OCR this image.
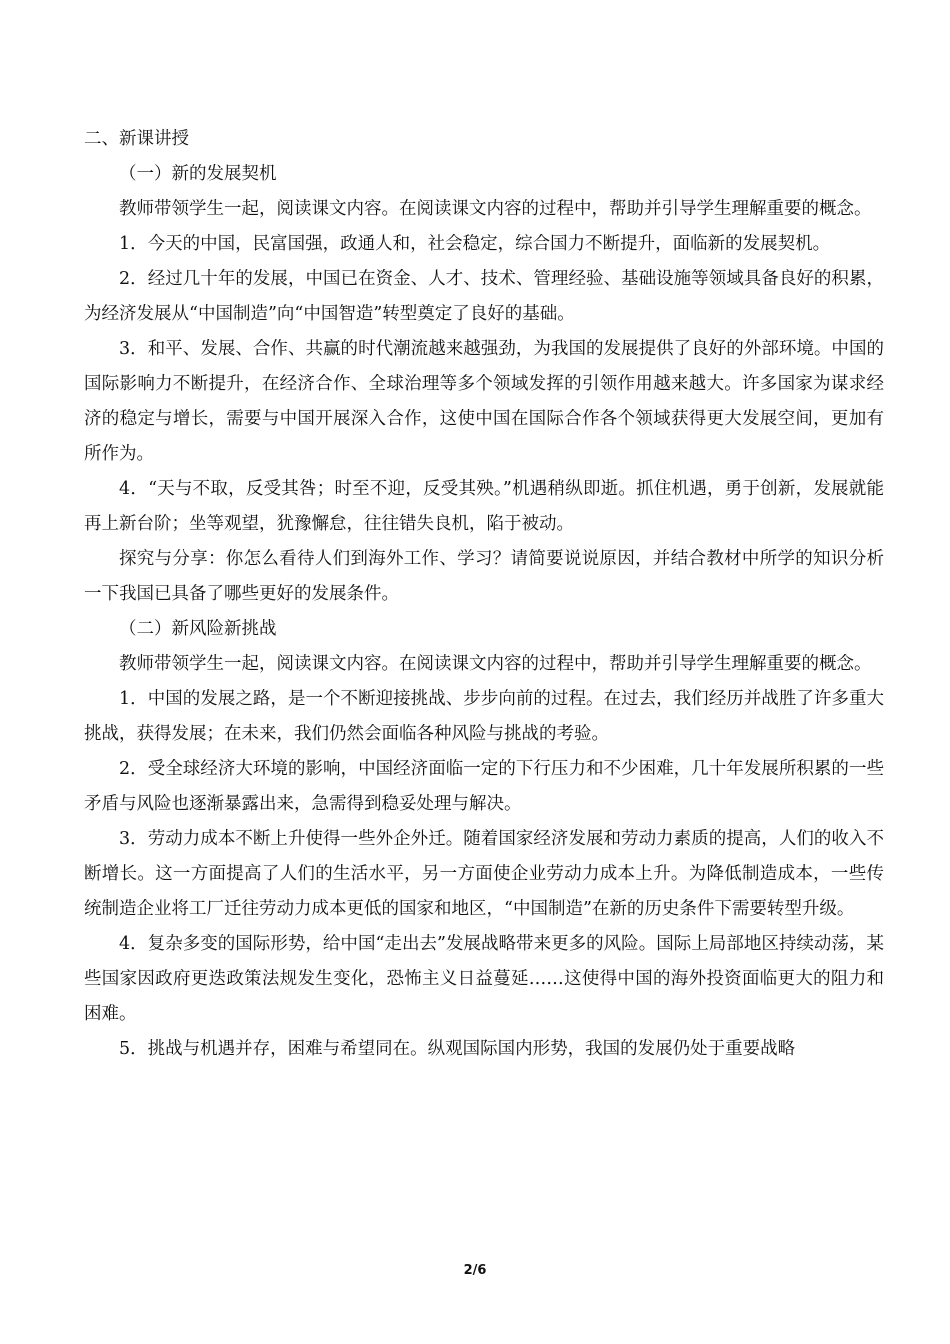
二、新课讲授

（一）新的发展契机

教师带领学生一起，阅读课文内容。在阅读课文内容的过程中，帮助并引导学生理解重要的概念。

1．今天的中国，民富国强，政通人和，社会稳定，综合国力不断提升，面临新的发展契机。

2．经过几十年的发展，中国已在资金、人才、技术、管理经验、基础设施等领域具备良好的积累，为经济发展从“中国制造”向“中国智造”转型奠定了良好的基础。

3．和平、发展、合作、共赢的时代潮流越来越强劲，为我国的发展提供了良好的外部环境。中国的国际影响力不断提升，在经济合作、全球治理等多个领域发挥的引领作用越来越大。许多国家为谋求经济的稳定与增长，需要与中国开展深入合作，这使中国在国际合作各个领域获得更大发展空间，更加有所作为。

4．“天与不取，反受其咎；时至不迎，反受其殃。”机遇稍纵即逝。抓住机遇，勇于创新，发展就能再上新台阶；坐等观望，犹豫懈怠，往往错失良机，陷于被动。

探究与分享：你怎么看待人们到海外工作、学习？请简要说说原因，并结合教材中所学的知识分析一下我国已具备了哪些更好的发展条件。

（二）新风险新挑战

教师带领学生一起，阅读课文内容。在阅读课文内容的过程中，帮助并引导学生理解重要的概念。

1．中国的发展之路，是一个不断迎接挑战、步步向前的过程。在过去，我们经历并战胜了许多重大挑战，获得发展；在未来，我们仍然会面临各种风险与挑战的考验。

2．受全球经济大环境的影响，中国经济面临一定的下行压力和不少困难，几十年发展所积累的一些矛盾与风险也逐渐暴露出来，急需得到稳妥处理与解决。

3．劳动力成本不断上升使得一些外企外迁。随着国家经济发展和劳动力素质的提高，人们的收入不断增长。这一方面提高了人们的生活水平，另一方面使企业劳动力成本上升。为降低制造成本，一些传统制造企业将工厂迁往劳动力成本更低的国家和地区，“中国制造”在新的历史条件下需要转型升级。

4．复杂多变的国际形势，给中国“走出去”发展战略带来更多的风险。国际上局部地区持续动荡，某些国家因政府更迭政策法规发生变化，恐怖主义日益蔓延……这使得中国的海外投资面临更大的阻力和困难。

5．挑战与机遇并存，困难与希望同在。纵观国际国内形势，我国的发展仍处于重要战略

2/6
